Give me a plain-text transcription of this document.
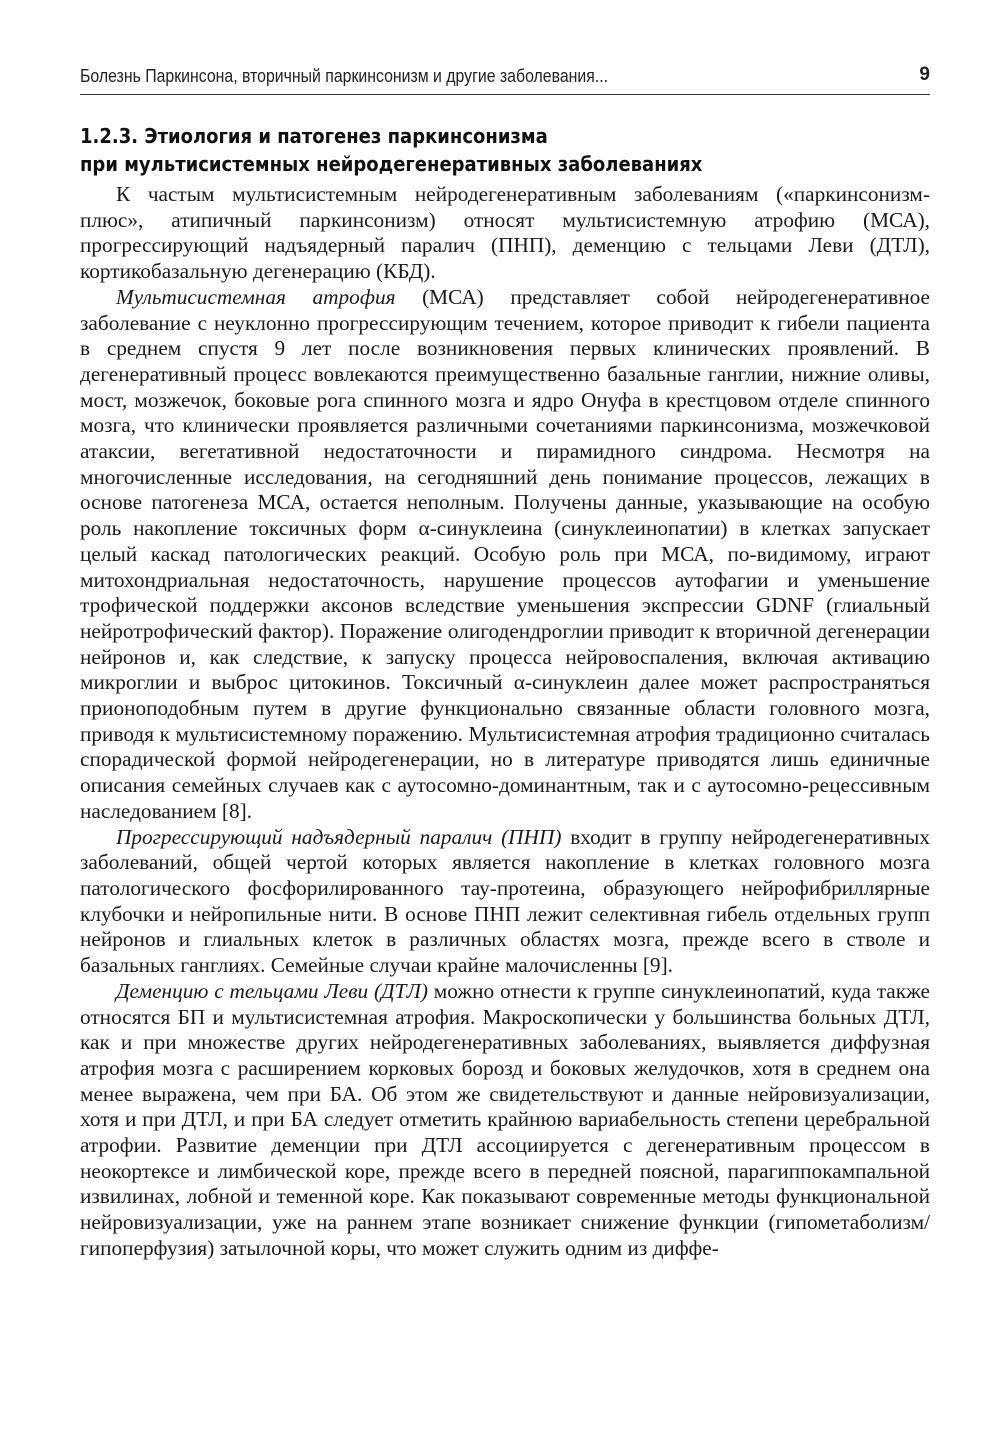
Болезнь Паркинсона, вторичный паркинсонизм и другие заболевания...	9
1.2.3. Этиология и патогенез паркинсонизма
при мультисистемных нейродегенеративных заболеваниях

К частым мультисистемным нейродегенеративным заболеваниям («паркинсонизм-плюс», атипичный паркинсонизм) относят мультисистемную атрофию (МСА), прогрессирующий надъядерный паралич (ПНП), деменцию с тельцами Леви (ДТЛ), кортикобазальную дегенерацию (КБД).

Мультисистемная атрофия (МСА) представляет собой нейродегенеративное заболевание с неуклонно прогрессирующим течением, которое приводит к гибели пациента в среднем спустя 9 лет после возникновения первых клинических проявлений. В дегенеративный процесс вовлекаются преимущественно базальные ганглии, нижние оливы, мост, мозжечок, боковые рога спинного мозга и ядро Онуфа в крестцовом отделе спинного мозга, что клинически проявляется различными сочетаниями паркинсонизма, мозжечковой атаксии, вегетативной недостаточности и пирамидного синдрома. Несмотря на многочисленные исследования, на сегодняшний день понимание процессов, лежащих в основе патогенеза МСА, остается неполным. Получены данные, указывающие на особую роль накопление токсичных форм α-синуклеина (синуклеинопатии) в клетках запускает целый каскад патологических реакций. Особую роль при МСА, по-видимому, играют митохондриальная недостаточность, нарушение процессов аутофагии и уменьшение трофической поддержки аксонов вследствие уменьшения экспрессии GDNF (глиальный нейротрофический фактор). Поражение олигодендроглии приводит к вторичной дегенерации нейронов и, как следствие, к запуску процесса нейровоспаления, включая активацию микроглии и выброс цитокинов. Токсичный α-синуклеин далее может распространяться прионоподобным путем в другие функционально связанные области головного мозга, приводя к мультисистемному поражению. Мультисистемная атрофия традиционно считалась спорадической формой нейродегенерации, но в литературе приводятся лишь единичные описания семейных случаев как с аутосомно-доминантным, так и с аутосомно-рецессивным наследованием [8].

Прогрессирующий надъядерный паралич (ПНП) входит в группу нейродегенеративных заболеваний, общей чертой которых является накопление в клетках головного мозга патологического фосфорилированного тау-протеина, образующего нейрофибриллярные клубочки и нейропильные нити. В основе ПНП лежит селективная гибель отдельных групп нейронов и глиальных клеток в различных областях мозга, прежде всего в стволе и базальных ганглиях. Семейные случаи крайне малочисленны [9].

Деменцию с тельцами Леви (ДТЛ) можно отнести к группе синуклеинопатий, куда также относятся БП и мультисистемная атрофия. Макроскопически у большинства больных ДТЛ, как и при множестве других нейродегенеративных заболеваниях, выявляется диффузная атрофия мозга с расширением корковых борозд и боковых желудочков, хотя в среднем она менее выражена, чем при БА. Об этом же свидетельствуют и данные нейровизуализации, хотя и при ДТЛ, и при БА следует отметить крайнюю вариабельность степени церебральной атрофии. Развитие деменции при ДТЛ ассоциируется с дегенеративным процессом в неокортексе и лимбической коре, прежде всего в передней поясной, парагиппокампальной извилинах, лобной и теменной коре. Как показывают современные методы функциональной нейровизуализации, уже на раннем этапе возникает снижение функции (гипометаболизм/гипоперфузия) затылочной коры, что может служить одним из диффе-
